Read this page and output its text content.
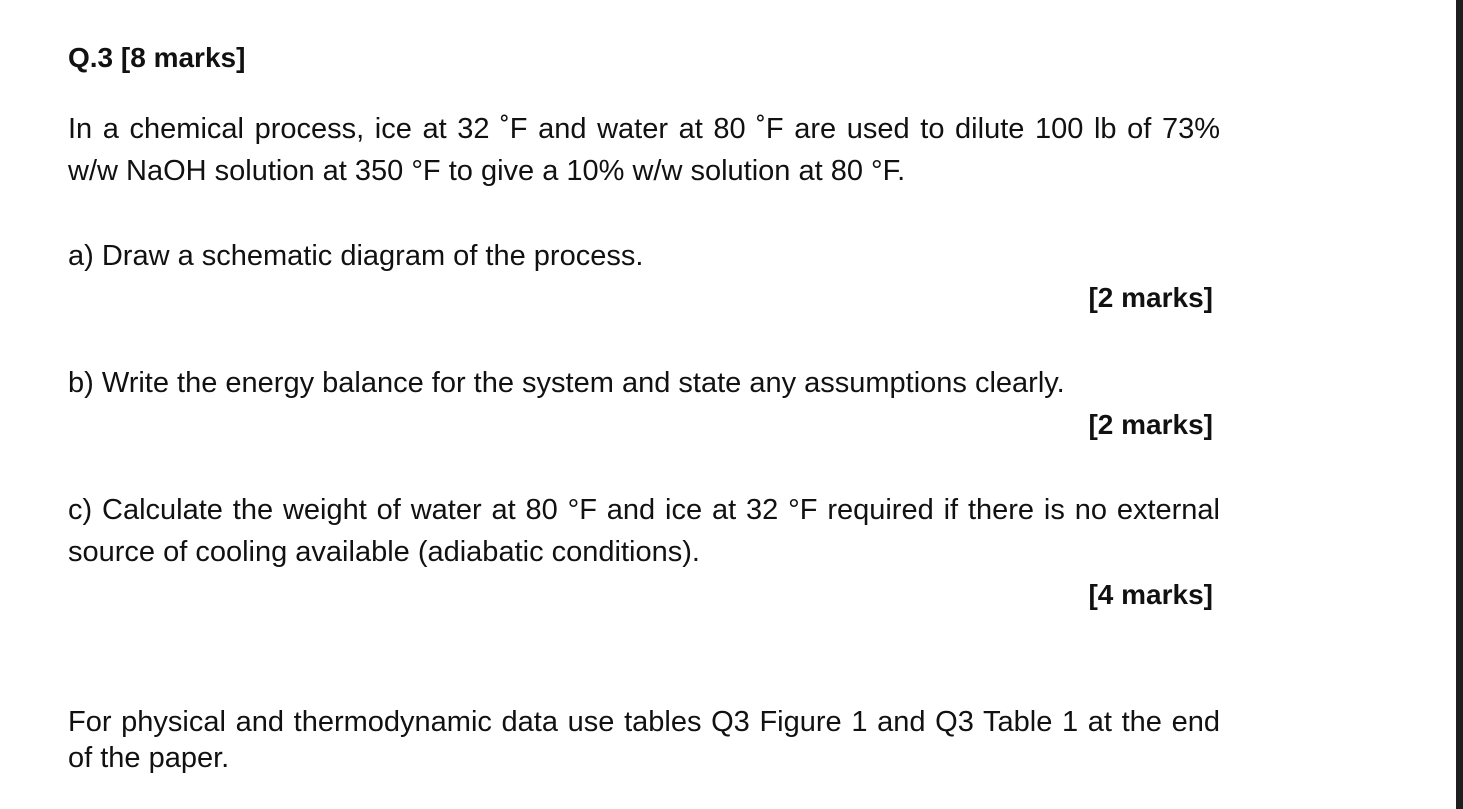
Q.3 [8 marks]

In a chemical process, ice at 32 ˚F and water at 80 ˚F are used to dilute 100 lb of 73% w/w NaOH solution at 350 °F to give a 10% w/w solution at 80 °F.

a) Draw a schematic diagram of the process.

[2 marks]

b) Write the energy balance for the system and state any assumptions clearly.

[2 marks]

c) Calculate the weight of water at 80 °F and ice at 32 °F required if there is no external source of cooling available (adiabatic conditions).

[4 marks]

For physical and thermodynamic data use tables Q3 Figure 1 and Q3 Table 1 at the end of the paper.
